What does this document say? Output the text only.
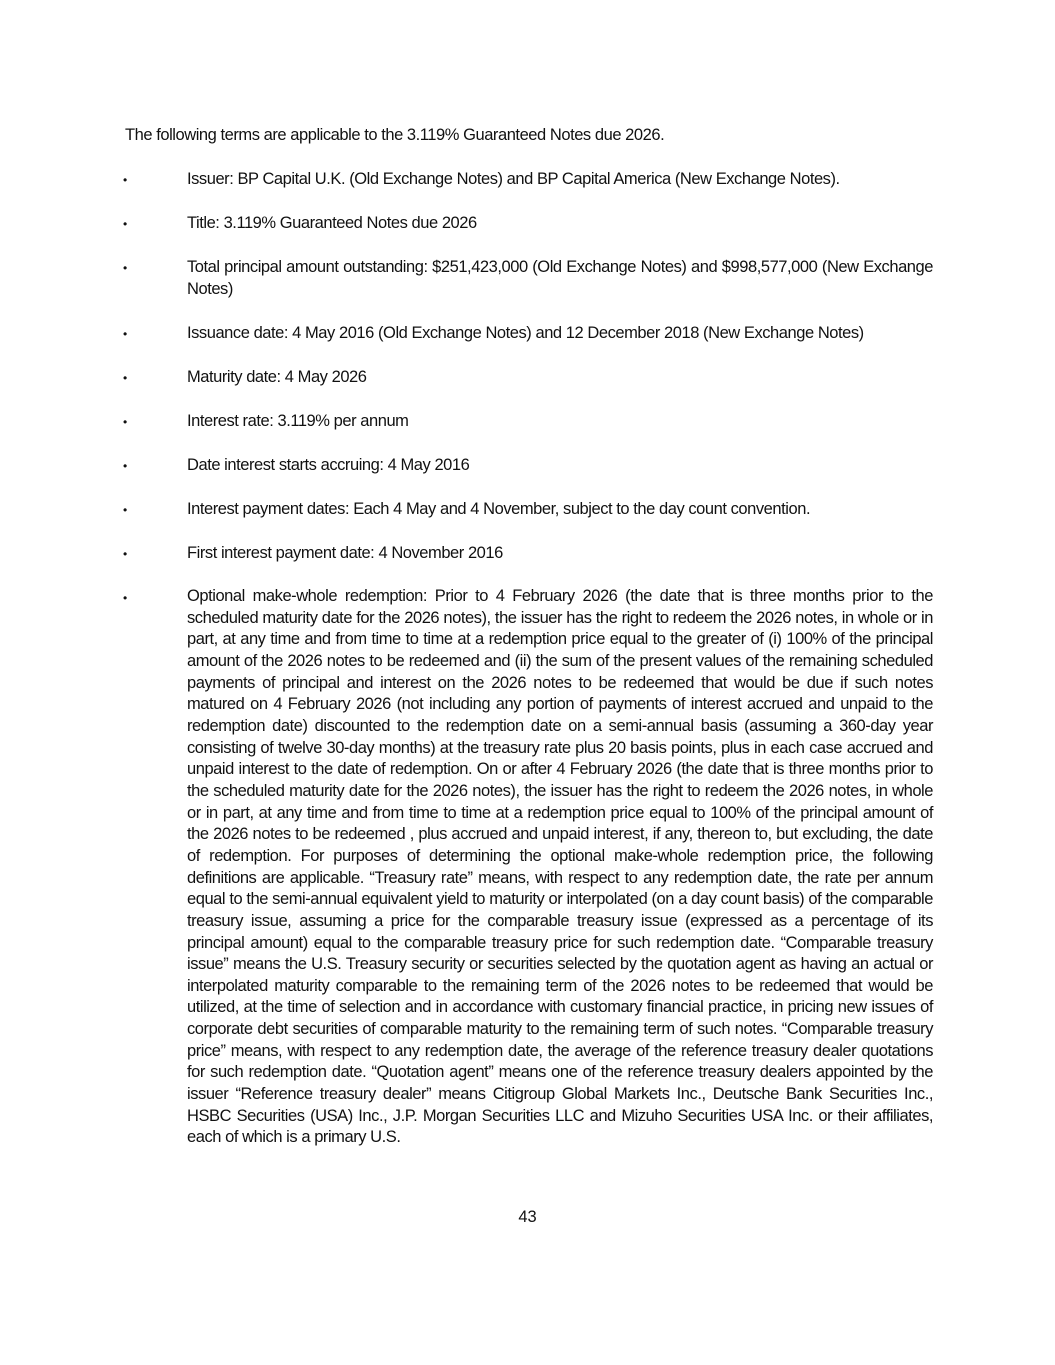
The following terms are applicable to the 3.119% Guaranteed Notes due 2026.

•	Issuer: BP Capital U.K. (Old Exchange Notes) and BP Capital America (New Exchange Notes).
•	Title: 3.119% Guaranteed Notes due 2026
•	Total principal amount outstanding: $251,423,000 (Old Exchange Notes) and $998,577,000 (New Exchange Notes)
•	Issuance date: 4 May 2016 (Old Exchange Notes) and 12 December 2018 (New Exchange Notes)
•	Maturity date: 4 May 2026
•	Interest rate: 3.119% per annum
•	Date interest starts accruing: 4 May 2016
•	Interest payment dates: Each 4 May and 4 November, subject to the day count convention.
•	First interest payment date: 4 November 2016
•	Optional make-whole redemption: Prior to 4 February 2026 (the date that is three months prior to the scheduled maturity date for the 2026 notes), the issuer has the right to redeem the 2026 notes, in whole or in part, at any time and from time to time at a redemption price equal to the greater of (i) 100% of the principal amount of the 2026 notes to be redeemed and (ii) the sum of the present values of the remaining scheduled payments of principal and interest on the 2026 notes to be redeemed that would be due if such notes matured on 4 February 2026 (not including any portion of payments of interest accrued and unpaid to the redemption date) discounted to the redemption date on a semi-annual basis (assuming a 360-day year consisting of twelve 30-day months) at the treasury rate plus 20 basis points, plus in each case accrued and unpaid interest to the date of redemption. On or after 4 February 2026 (the date that is three months prior to the scheduled maturity date for the 2026 notes), the issuer has the right to redeem the 2026 notes, in whole or in part, at any time and from time to time at a redemption price equal to 100% of the principal amount of the 2026 notes to be redeemed , plus accrued and unpaid interest, if any, thereon to, but excluding, the date of redemption. For purposes of determining the optional make-whole redemption price, the following definitions are applicable. “Treasury rate” means, with respect to any redemption date, the rate per annum equal to the semi-annual equivalent yield to maturity or interpolated (on a day count basis) of the comparable treasury issue, assuming a price for the comparable treasury issue (expressed as a percentage of its principal amount) equal to the comparable treasury price for such redemption date. “Comparable treasury issue” means the U.S. Treasury security or securities selected by the quotation agent as having an actual or interpolated maturity comparable to the remaining term of the 2026 notes to be redeemed that would be utilized, at the time of selection and in accordance with customary financial practice, in pricing new issues of corporate debt securities of comparable maturity to the remaining term of such notes. “Comparable treasury price” means, with respect to any redemption date, the average of the reference treasury dealer quotations for such redemption date. “Quotation agent” means one of the reference treasury dealers appointed by the issuer “Reference treasury dealer” means Citigroup Global Markets Inc., Deutsche Bank Securities Inc., HSBC Securities (USA) Inc., J.P. Morgan Securities LLC and Mizuho Securities USA Inc. or their affiliates, each of which is a primary U.S.
43
